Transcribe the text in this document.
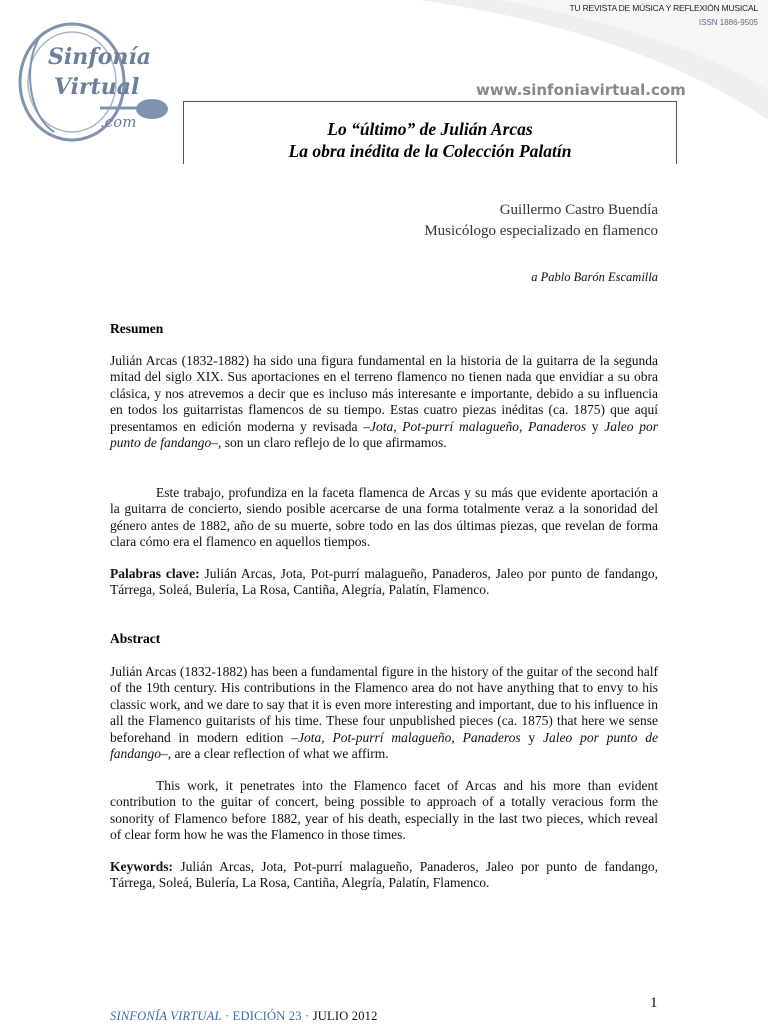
Sinfonía
Virtual
.com
TU REVISTA DE MÚSICA Y REFLEXIÓN MUSICAL
ISSN 1886-9505
www.sinfoniavirtual.com
Lo “último” de Julián Arcas
La obra inédita de la Colección Palatín
Guillermo Castro Buendía
Musicólogo especializado en flamenco
a Pablo Barón Escamilla
Resumen
Julián Arcas (1832-1882) ha sido una figura fundamental en la historia de la guitarra de la segunda mitad del siglo XIX. Sus aportaciones en el terreno flamenco no tienen nada que envidiar a su obra clásica, y nos atrevemos a decir que es incluso más interesante e importante, debido a su influencia en todos los guitarristas flamencos de su tiempo. Estas cuatro piezas inéditas (ca. 1875) que aquí presentamos en edición moderna y revisada –Jota, Pot-purrí malagueño, Panaderos y Jaleo por punto de fandango–, son un claro reflejo de lo que afirmamos.
Este trabajo, profundiza en la faceta flamenca de Arcas y su más que evidente aportación a la guitarra de concierto, siendo posible acercarse de una forma totalmente veraz a la sonoridad del género antes de 1882, año de su muerte, sobre todo en las dos últimas piezas, que revelan de forma clara cómo era el flamenco en aquellos tiempos.
Palabras clave: Julián Arcas, Jota, Pot-purrí malagueño, Panaderos, Jaleo por punto de fandango, Tárrega, Soleá, Bulería, La Rosa, Cantiña, Alegría, Palatín, Flamenco.
Abstract
Julián Arcas (1832-1882) has been a fundamental figure in the history of the guitar of the second half of the 19th century. His contributions in the Flamenco area do not have anything that to envy to his classic work, and we dare to say that it is even more interesting and important, due to his influence in all the Flamenco guitarists of his time. These four unpublished pieces (ca. 1875) that here we sense beforehand in modern edition –Jota, Pot-purrí malagueño, Panaderos y Jaleo por punto de fandango–, are a clear reflection of what we affirm.
This work, it penetrates into the Flamenco facet of Arcas and his more than evident contribution to the guitar of concert, being possible to approach of a totally veracious form the sonority of Flamenco before 1882, year of his death, especially in the last two pieces, which reveal of clear form how he was the Flamenco in those times.
Keywords: Julián Arcas, Jota, Pot-purrí malagueño, Panaderos, Jaleo por punto de fandango, Tárrega, Soleá, Bulería, La Rosa, Cantiña, Alegría, Palatín, Flamenco.
1
SINFONÍA VIRTUAL · EDICIÓN 23 · JULIO 2012
